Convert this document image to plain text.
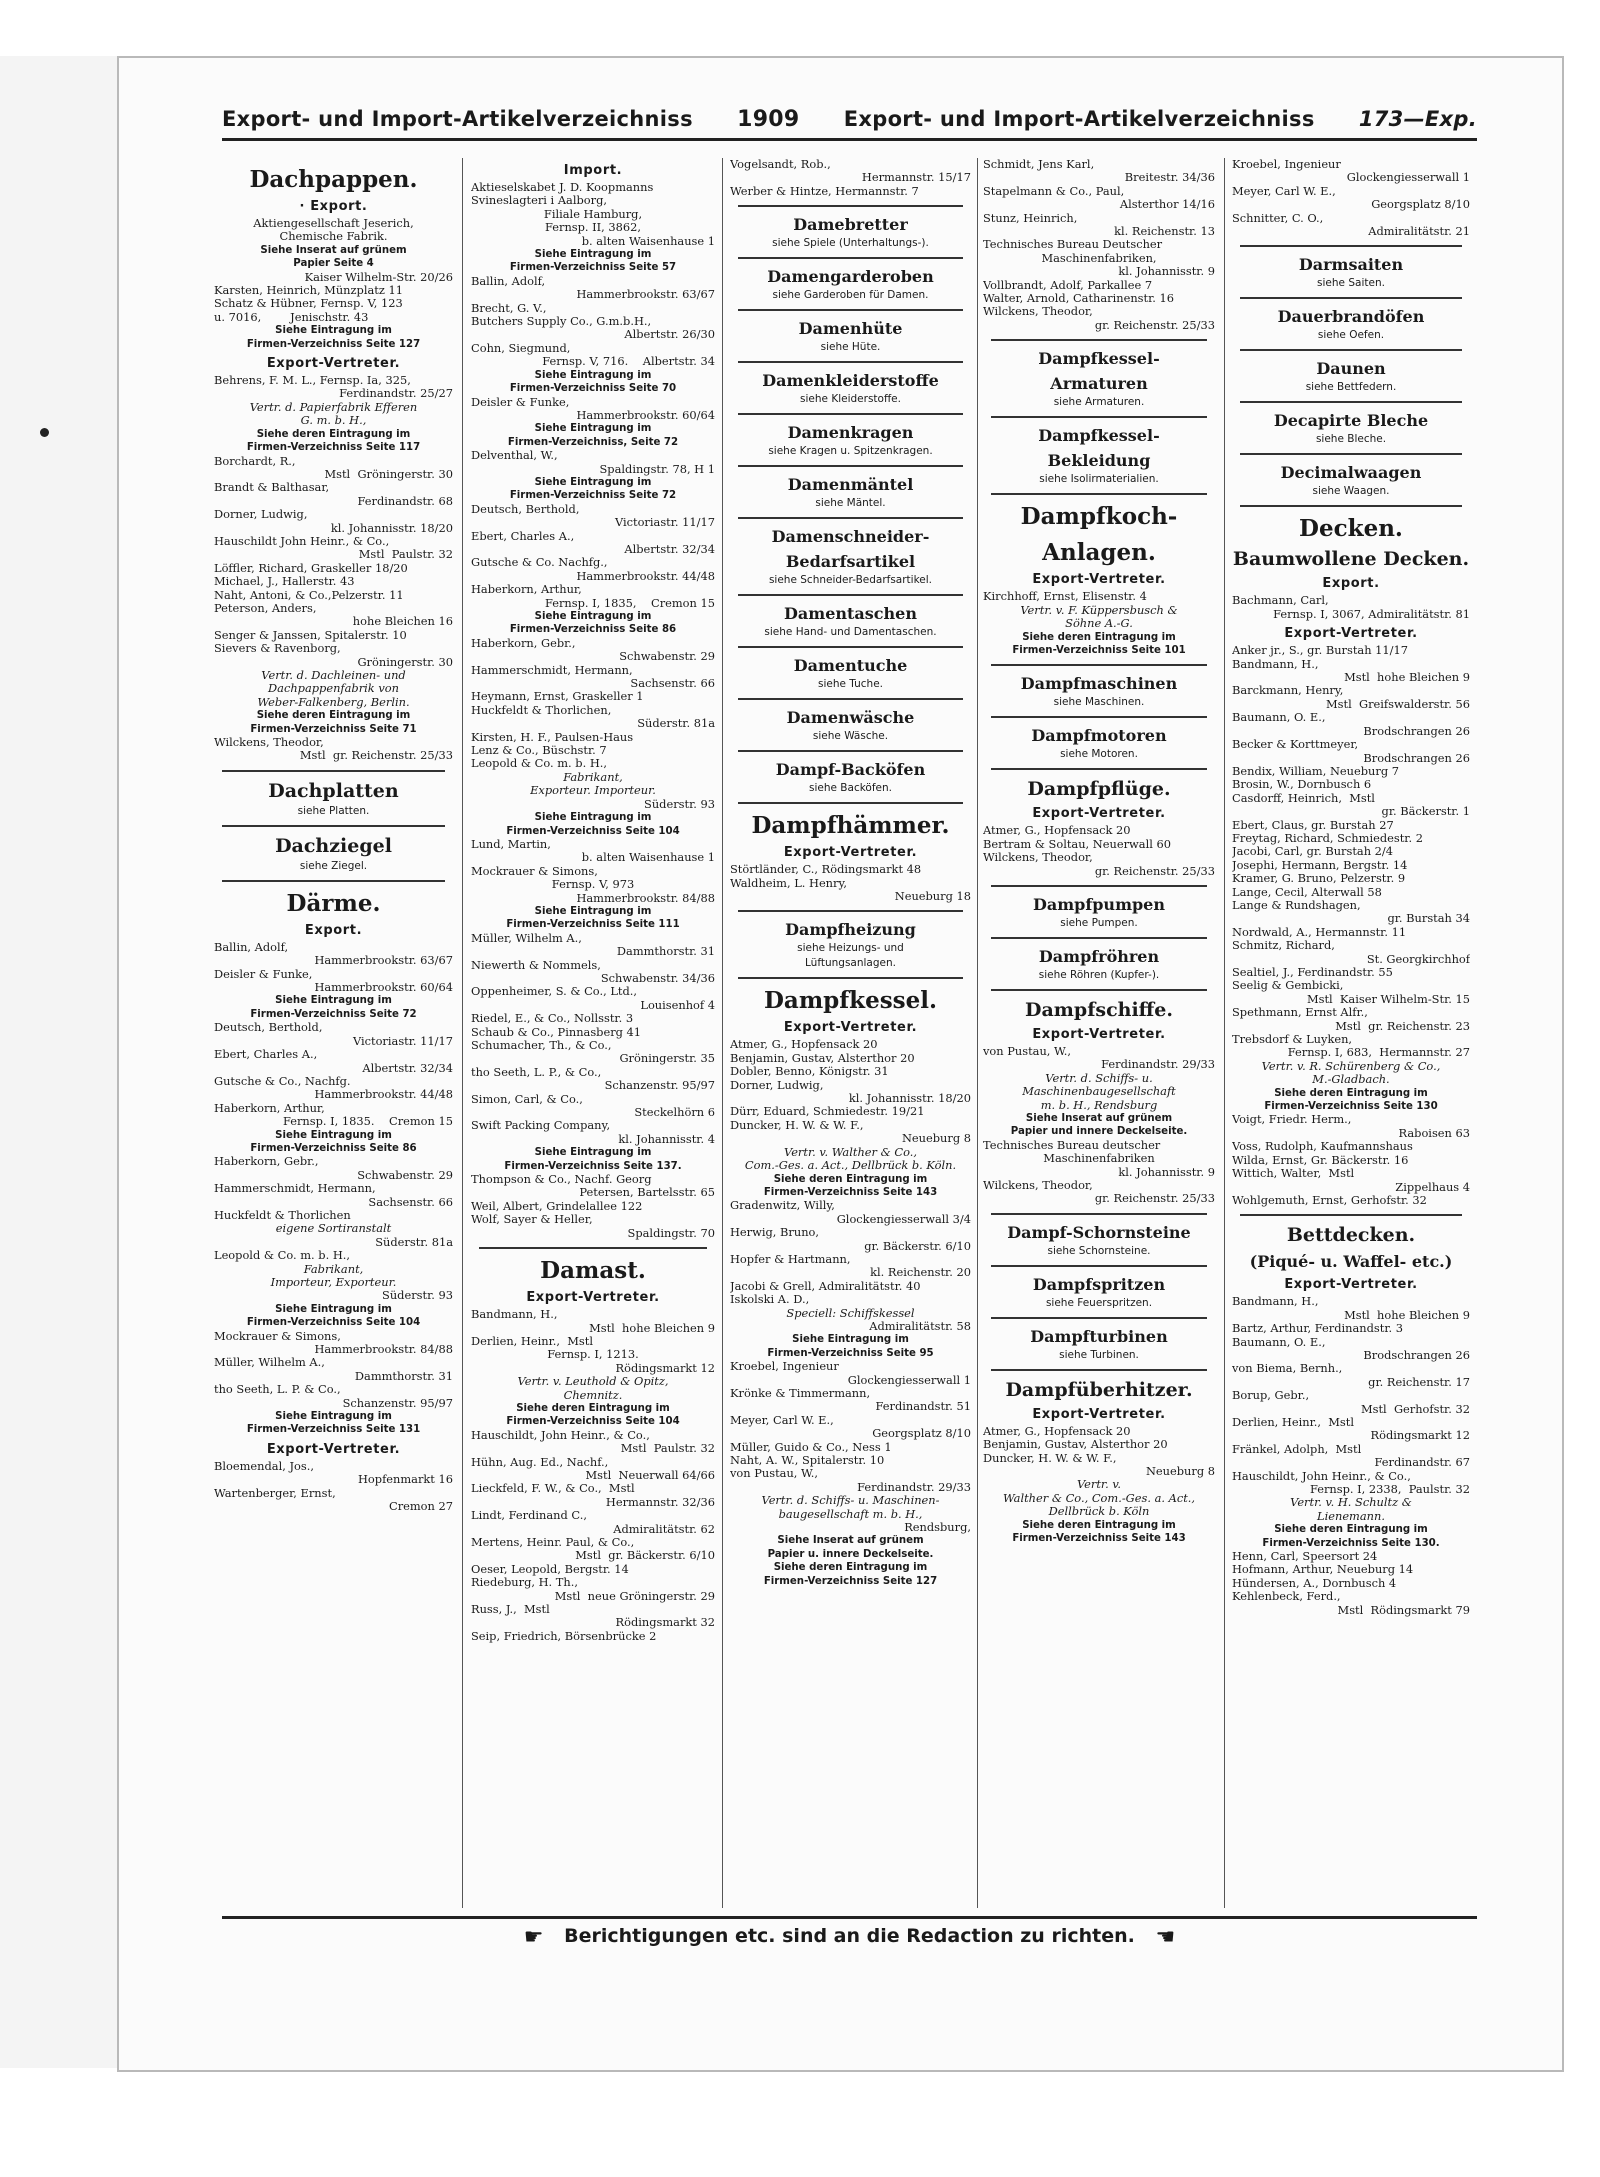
Export- und Import-Artikelverzeichniss 1909 Export- und Import-Artikelverzeichniss 173—Exp.
Dachpappen.
· Export.
Aktiengesellschaft Jeserich,
Chemische Fabrik.
Siehe Inserat auf grünem
Papier Seite 4
Kaiser Wilhelm-Str. 20/26
Karsten, Heinrich, Münzplatz 11
Schatz & Hübner, Fernsp. V, 123
u. 7016,        Jenischstr. 43
Siehe Eintragung im
Firmen-Verzeichniss Seite 127
Export-Vertreter.
Behrens, F. M. L., Fernsp. Ia, 325,
Ferdinandstr. 25/27
Vertr. d. Papierfabrik Efferen
G. m. b. H.,
Siehe deren Eintragung im
Firmen-Verzeichniss Seite 117
Borchardt, R.,
Mstl  Gröningerstr. 30
Brandt & Balthasar,
Ferdinandstr. 68
Dorner, Ludwig,
kl. Johannisstr. 18/20
Hauschildt John Heinr., & Co.,
Mstl  Paulstr. 32
Löffler, Richard, Graskeller 18/20
Michael, J., Hallerstr. 43
Naht, Antoni, & Co.,Pelzerstr. 11
Peterson, Anders,
hohe Bleichen 16
Senger & Janssen, Spitalerstr. 10
Sievers & Ravenborg,
Gröningerstr. 30
Vertr. d. Dachleinen- und
Dachpappenfabrik von
Weber-Falkenberg, Berlin.
Siehe deren Eintragung im
Firmen-Verzeichniss Seite 71
Wilckens, Theodor,
Mstl  gr. Reichenstr. 25/33
Dachplatten
siehe Platten.
Dachziegel
siehe Ziegel.
Därme.
Export.
Ballin, Adolf,
Hammerbrookstr. 63/67
Deisler & Funke,
Hammerbrookstr. 60/64
Siehe Eintragung im
Firmen-Verzeichniss Seite 72
Deutsch, Berthold,
Victoriastr. 11/17
Ebert, Charles A.,
Albertstr. 32/34
Gutsche & Co., Nachfg.
Hammerbrookstr. 44/48
Haberkorn, Arthur,
Fernsp. I, 1835.    Cremon 15
Siehe Eintragung im
Firmen-Verzeichniss Seite 86
Haberkorn, Gebr.,
Schwabenstr. 29
Hammerschmidt, Hermann,
Sachsenstr. 66
Huckfeldt & Thorlichen
eigene Sortiranstalt
Süderstr. 81a
Leopold & Co. m. b. H.,
Fabrikant,
Importeur, Exporteur.
Süderstr. 93
Siehe Eintragung im
Firmen-Verzeichniss Seite 104
Mockrauer & Simons,
Hammerbrookstr. 84/88
Müller, Wilhelm A.,
Dammthorstr. 31
tho Seeth, L. P. & Co.,
Schanzenstr. 95/97
Siehe Eintragung im
Firmen-Verzeichniss Seite 131
Export-Vertreter.
Bloemendal, Jos.,
Hopfenmarkt 16
Wartenberger, Ernst,
Cremon 27
Import.
Aktieselskabet J. D. Koopmanns
Svineslagteri i Aalborg,
Filiale Hamburg,
Fernsp. II, 3862,
b. alten Waisenhause 1
Siehe Eintragung im
Firmen-Verzeichniss Seite 57
Ballin, Adolf,
Hammerbrookstr. 63/67
Brecht, G. V.,
Butchers Supply Co., G.m.b.H.,
Albertstr. 26/30
Cohn, Siegmund,
Fernsp. V, 716.    Albertstr. 34
Siehe Eintragung im
Firmen-Verzeichniss Seite 70
Deisler & Funke,
Hammerbrookstr. 60/64
Siehe Eintragung im
Firmen-Verzeichniss, Seite 72
Delventhal, W.,
Spaldingstr. 78, H 1
Siehe Eintragung im
Firmen-Verzeichniss Seite 72
Deutsch, Berthold,
Victoriastr. 11/17
Ebert, Charles A.,
Albertstr. 32/34
Gutsche & Co. Nachfg.,
Hammerbrookstr. 44/48
Haberkorn, Arthur,
Fernsp. I, 1835,    Cremon 15
Siehe Eintragung im
Firmen-Verzeichniss Seite 86
Haberkorn, Gebr.,
Schwabenstr. 29
Hammerschmidt, Hermann,
Sachsenstr. 66
Heymann, Ernst, Graskeller 1
Huckfeldt & Thorlichen,
Süderstr. 81a
Kirsten, H. F., Paulsen-Haus
Lenz & Co., Büschstr. 7
Leopold & Co. m. b. H.,
Fabrikant,
Exporteur. Importeur.
Süderstr. 93
Siehe Eintragung im
Firmen-Verzeichniss Seite 104
Lund, Martin,
b. alten Waisenhause 1
Mockrauer & Simons,
Fernsp. V, 973
Hammerbrookstr. 84/88
Siehe Eintragung im
Firmen-Verzeichniss Seite 111
Müller, Wilhelm A.,
Dammthorstr. 31
Niewerth & Nommels,
Schwabenstr. 34/36
Oppenheimer, S. & Co., Ltd.,
Louisenhof 4
Riedel, E., & Co., Nollsstr. 3
Schaub & Co., Pinnasberg 41
Schumacher, Th., & Co.,
Gröningerstr. 35
tho Seeth, L. P., & Co.,
Schanzenstr. 95/97
Simon, Carl, & Co.,
Steckelhörn 6
Swift Packing Company,
kl. Johannisstr. 4
Siehe Eintragung im
Firmen-Verzeichniss Seite 137.
Thompson & Co., Nachf. Georg
Petersen, Bartelsstr. 65
Weil, Albert, Grindelallee 122
Wolf, Sayer & Heller,
Spaldingstr. 70
Damast.
Export-Vertreter.
Bandmann, H.,
Mstl  hohe Bleichen 9
Derlien, Heinr.,  Mstl
Fernsp. I, 1213.
Rödingsmarkt 12
Vertr. v. Leuthold & Opitz,
Chemnitz.
Siehe deren Eintragung im
Firmen-Verzeichniss Seite 104
Hauschildt, John Heinr., & Co.,
Mstl  Paulstr. 32
Hühn, Aug. Ed., Nachf.,
Mstl  Neuerwall 64/66
Lieckfeld, F. W., & Co.,  Mstl
Hermannstr. 32/36
Lindt, Ferdinand C.,
Admiralitätstr. 62
Mertens, Heinr. Paul, & Co.,
Mstl  gr. Bäckerstr. 6/10
Oeser, Leopold, Bergstr. 14
Riedeburg, H. Th.,
Mstl  neue Gröningerstr. 29
Russ, J.,  Mstl
Rödingsmarkt 32
Seip, Friedrich, Börsenbrücke 2
Vogelsandt, Rob.,
Hermannstr. 15/17
Werber & Hintze, Hermannstr. 7
Damebretter
siehe Spiele (Unterhaltungs-).
Damengarderoben
siehe Garderoben für Damen.
Damenhüte
siehe Hüte.
Damenkleiderstoffe
siehe Kleiderstoffe.
Damenkragen
siehe Kragen u. Spitzenkragen.
Damenmäntel
siehe Mäntel.
Damenschneider-
Bedarfsartikel
siehe Schneider-Bedarfsartikel.
Damentaschen
siehe Hand- und Damentaschen.
Damentuche
siehe Tuche.
Damenwäsche
siehe Wäsche.
Dampf-Backöfen
siehe Backöfen.
Dampfhämmer.
Export-Vertreter.
Störtländer, C., Rödingsmarkt 48
Waldheim, L. Henry,
Neueburg 18
Dampfheizung
siehe Heizungs- und
Lüftungsanlagen.
Dampfkessel.
Export-Vertreter.
Atmer, G., Hopfensack 20
Benjamin, Gustav, Alsterthor 20
Dobler, Benno, Königstr. 31
Dorner, Ludwig,
kl. Johannisstr. 18/20
Dürr, Eduard, Schmiedestr. 19/21
Duncker, H. W. & W. F.,
Neueburg 8
Vertr. v. Walther & Co.,
Com.-Ges. a. Act., Dellbrück b. Köln.
Siehe deren Eintragung im
Firmen-Verzeichniss Seite 143
Gradenwitz, Willy,
Glockengiesserwall 3/4
Herwig, Bruno,
gr. Bäckerstr. 6/10
Hopfer & Hartmann,
kl. Reichenstr. 20
Jacobi & Grell, Admiralitätstr. 40
Iskolski A. D.,
Speciell: Schiffskessel
Admiralitätstr. 58
Siehe Eintragung im
Firmen-Verzeichniss Seite 95
Kroebel, Ingenieur
Glockengiesserwall 1
Krönke & Timmermann,
Ferdinandstr. 51
Meyer, Carl W. E.,
Georgsplatz 8/10
Müller, Guido & Co., Ness 1
Naht, A. W., Spitalerstr. 10
von Pustau, W.,
Ferdinandstr. 29/33
Vertr. d. Schiffs- u. Maschinen-
baugesellschaft m. b. H.,
Rendsburg,
Siehe Inserat auf grünem
Papier u. innere Deckelseite.
Siehe deren Eintragung im
Firmen-Verzeichniss Seite 127
Schmidt, Jens Karl,
Breitestr. 34/36
Stapelmann & Co., Paul,
Alsterthor 14/16
Stunz, Heinrich,
kl. Reichenstr. 13
Technisches Bureau Deutscher
Maschinenfabriken,
kl. Johannisstr. 9
Vollbrandt, Adolf, Parkallee 7
Walter, Arnold, Catharinenstr. 16
Wilckens, Theodor,
gr. Reichenstr. 25/33
Dampfkessel-
Armaturen
siehe Armaturen.
Dampfkessel-
Bekleidung
siehe Isolirmaterialien.
Dampfkoch-
Anlagen.
Export-Vertreter.
Kirchhoff, Ernst, Elisenstr. 4
Vertr. v. F. Küppersbusch &
Söhne A.-G.
Siehe deren Eintragung im
Firmen-Verzeichniss Seite 101
Dampfmaschinen
siehe Maschinen.
Dampfmotoren
siehe Motoren.
Dampfpflüge.
Export-Vertreter.
Atmer, G., Hopfensack 20
Bertram & Soltau, Neuerwall 60
Wilckens, Theodor,
gr. Reichenstr. 25/33
Dampfpumpen
siehe Pumpen.
Dampfröhren
siehe Röhren (Kupfer-).
Dampfschiffe.
Export-Vertreter.
von Pustau, W.,
Ferdinandstr. 29/33
Vertr. d. Schiffs- u.
Maschinenbaugesellschaft
m. b. H., Rendsburg
Siehe Inserat auf grünem
Papier und innere Deckelseite.
Technisches Bureau deutscher
Maschinenfabriken
kl. Johannisstr. 9
Wilckens, Theodor,
gr. Reichenstr. 25/33
Dampf-Schornsteine
siehe Schornsteine.
Dampfspritzen
siehe Feuerspritzen.
Dampfturbinen
siehe Turbinen.
Dampfüberhitzer.
Export-Vertreter.
Atmer, G., Hopfensack 20
Benjamin, Gustav, Alsterthor 20
Duncker, H. W. & W. F.,
Neueburg 8
Vertr. v.
Walther & Co., Com.-Ges. a. Act.,
Dellbrück b. Köln
Siehe deren Eintragung im
Firmen-Verzeichniss Seite 143
Kroebel, Ingenieur
Glockengiesserwall 1
Meyer, Carl W. E.,
Georgsplatz 8/10
Schnitter, C. O.,
Admiralitätstr. 21
Darmsaiten
siehe Saiten.
Dauerbrandöfen
siehe Oefen.
Daunen
siehe Bettfedern.
Decapirte Bleche
siehe Bleche.
Decimalwaagen
siehe Waagen.
Decken.
Baumwollene Decken.
Export.
Bachmann, Carl,
Fernsp. I, 3067, Admiralitätstr. 81
Export-Vertreter.
Anker jr., S., gr. Burstah 11/17
Bandmann, H.,
Mstl  hohe Bleichen 9
Barckmann, Henry,
Mstl  Greifswalderstr. 56
Baumann, O. E.,
Brodschrangen 26
Becker & Korttmeyer,
Brodschrangen 26
Bendix, William, Neueburg 7
Brosin, W., Dornbusch 6
Casdorff, Heinrich,  Mstl
gr. Bäckerstr. 1
Ebert, Claus, gr. Burstah 27
Freytag, Richard, Schmiedestr. 2
Jacobi, Carl, gr. Burstah 2/4
Josephi, Hermann, Bergstr. 14
Kramer, G. Bruno, Pelzerstr. 9
Lange, Cecil, Alterwall 58
Lange & Rundshagen,
gr. Burstah 34
Nordwald, A., Hermannstr. 11
Schmitz, Richard,
St. Georgkirchhof
Sealtiel, J., Ferdinandstr. 55
Seelig & Gembicki,
Mstl  Kaiser Wilhelm-Str. 15
Spethmann, Ernst Alfr.,
Mstl  gr. Reichenstr. 23
Trebsdorf & Luyken,
Fernsp. I, 683,  Hermannstr. 27
Vertr. v. R. Schürenberg & Co.,
M.-Gladbach.
Siehe deren Eintragung im
Firmen-Verzeichniss Seite 130
Voigt, Friedr. Herm.,
Raboisen 63
Voss, Rudolph, Kaufmannshaus
Wilda, Ernst, Gr. Bäckerstr. 16
Wittich, Walter,  Mstl
Zippelhaus 4
Wohlgemuth, Ernst, Gerhofstr. 32
Bettdecken.
(Piqué- u. Waffel- etc.)
Export-Vertreter.
Bandmann, H.,
Mstl  hohe Bleichen 9
Bartz, Arthur, Ferdinandstr. 3
Baumann, O. E.,
Brodschrangen 26
von Biema, Bernh.,
gr. Reichenstr. 17
Borup, Gebr.,
Mstl  Gerhofstr. 32
Derlien, Heinr.,  Mstl
Rödingsmarkt 12
Fränkel, Adolph,  Mstl
Ferdinandstr. 67
Hauschildt, John Heinr., & Co.,
Fernsp. I, 2338,  Paulstr. 32
Vertr. v. H. Schultz &
Lienemann.
Siehe deren Eintragung im
Firmen-Verzeichniss Seite 130.
Henn, Carl, Speersort 24
Hofmann, Arthur, Neueburg 14
Hündersen, A., Dornbusch 4
Kehlenbeck, Ferd.,
Mstl  Rödingsmarkt 79
☛ Berichtigungen etc. sind an die Redaction zu richten. ☚
